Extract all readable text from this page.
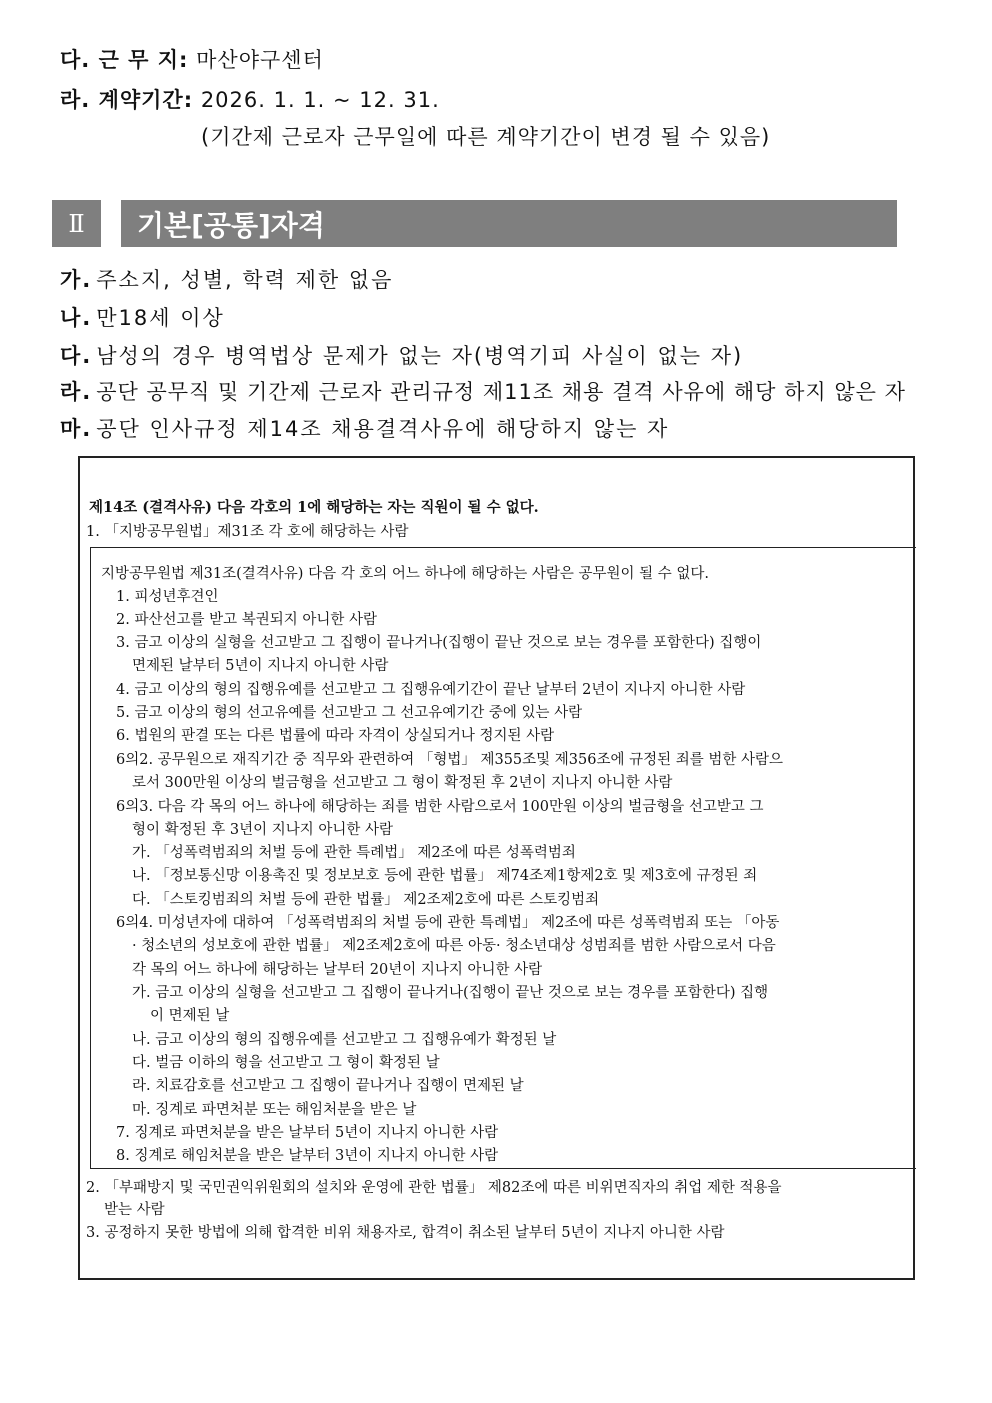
다. 근 무 지: 마산야구센터
라. 계약기간: 2026. 1. 1. ~ 12. 31.
(기간제 근로자 근무일에 따른 계약기간이 변경 될 수 있음)
Ⅱ	기본[공통]자격
가. 주소지, 성별, 학력 제한 없음
나. 만18세 이상
다. 남성의 경우 병역법상 문제가 없는 자(병역기피 사실이 없는 자)
라. 공단 공무직 및 기간제 근로자 관리규정 제11조 채용 결격 사유에 해당 하지 않은 자
마. 공단 인사규정 제14조 채용결격사유에 해당하지 않는 자
제14조 (결격사유) 다음 각호의 1에 해당하는 자는 직원이 될 수 없다.
1. 「지방공무원법」제31조 각 호에 해당하는 사람
지방공무원법 제31조(결격사유) 다음 각 호의 어느 하나에 해당하는 사람은 공무원이 될 수 없다.
1. 피성년후견인
2. 파산선고를 받고 복권되지 아니한 사람
3. 금고 이상의 실형을 선고받고 그 집행이 끝나거나(집행이 끝난 것으로 보는 경우를 포함한다) 집행이
면제된 날부터 5년이 지나지 아니한 사람
4. 금고 이상의 형의 집행유예를 선고받고 그 집행유예기간이 끝난 날부터 2년이 지나지 아니한 사람
5. 금고 이상의 형의 선고유예를 선고받고 그 선고유예기간 중에 있는 사람
6. 법원의 판결 또는 다른 법률에 따라 자격이 상실되거나 정지된 사람
6의2. 공무원으로 재직기간 중 직무와 관련하여 「형법」 제355조및 제356조에 규정된 죄를 범한 사람으
로서 300만원 이상의 벌금형을 선고받고 그 형이 확정된 후 2년이 지나지 아니한 사람
6의3. 다음 각 목의 어느 하나에 해당하는 죄를 범한 사람으로서 100만원 이상의 벌금형을 선고받고 그
형이 확정된 후 3년이 지나지 아니한 사람
가. 「성폭력범죄의 처벌 등에 관한 특례법」 제2조에 따른 성폭력범죄
나. 「정보통신망 이용촉진 및 정보보호 등에 관한 법률」 제74조제1항제2호 및 제3호에 규정된 죄
다. 「스토킹범죄의 처벌 등에 관한 법률」 제2조제2호에 따른 스토킹범죄
6의4. 미성년자에 대하여 「성폭력범죄의 처벌 등에 관한 특례법」 제2조에 따른 성폭력범죄 또는 「아동
· 청소년의 성보호에 관한 법률」 제2조제2호에 따른 아동· 청소년대상 성범죄를 범한 사람으로서 다음
각 목의 어느 하나에 해당하는 날부터 20년이 지나지 아니한 사람
가. 금고 이상의 실형을 선고받고 그 집행이 끝나거나(집행이 끝난 것으로 보는 경우를 포함한다) 집행
이 면제된 날
나. 금고 이상의 형의 집행유예를 선고받고 그 집행유예가 확정된 날
다. 벌금 이하의 형을 선고받고 그 형이 확정된 날
라. 치료감호를 선고받고 그 집행이 끝나거나 집행이 면제된 날
마. 징계로 파면처분 또는 해임처분을 받은 날
7. 징계로 파면처분을 받은 날부터 5년이 지나지 아니한 사람
8. 징계로 해임처분을 받은 날부터 3년이 지나지 아니한 사람
2. 「부패방지 및 국민권익위원회의 설치와 운영에 관한 법률」 제82조에 따른 비위면직자의 취업 제한 적용을
받는 사람
3. 공정하지 못한 방법에 의해 합격한 비위 채용자로, 합격이 취소된 날부터 5년이 지나지 아니한 사람
